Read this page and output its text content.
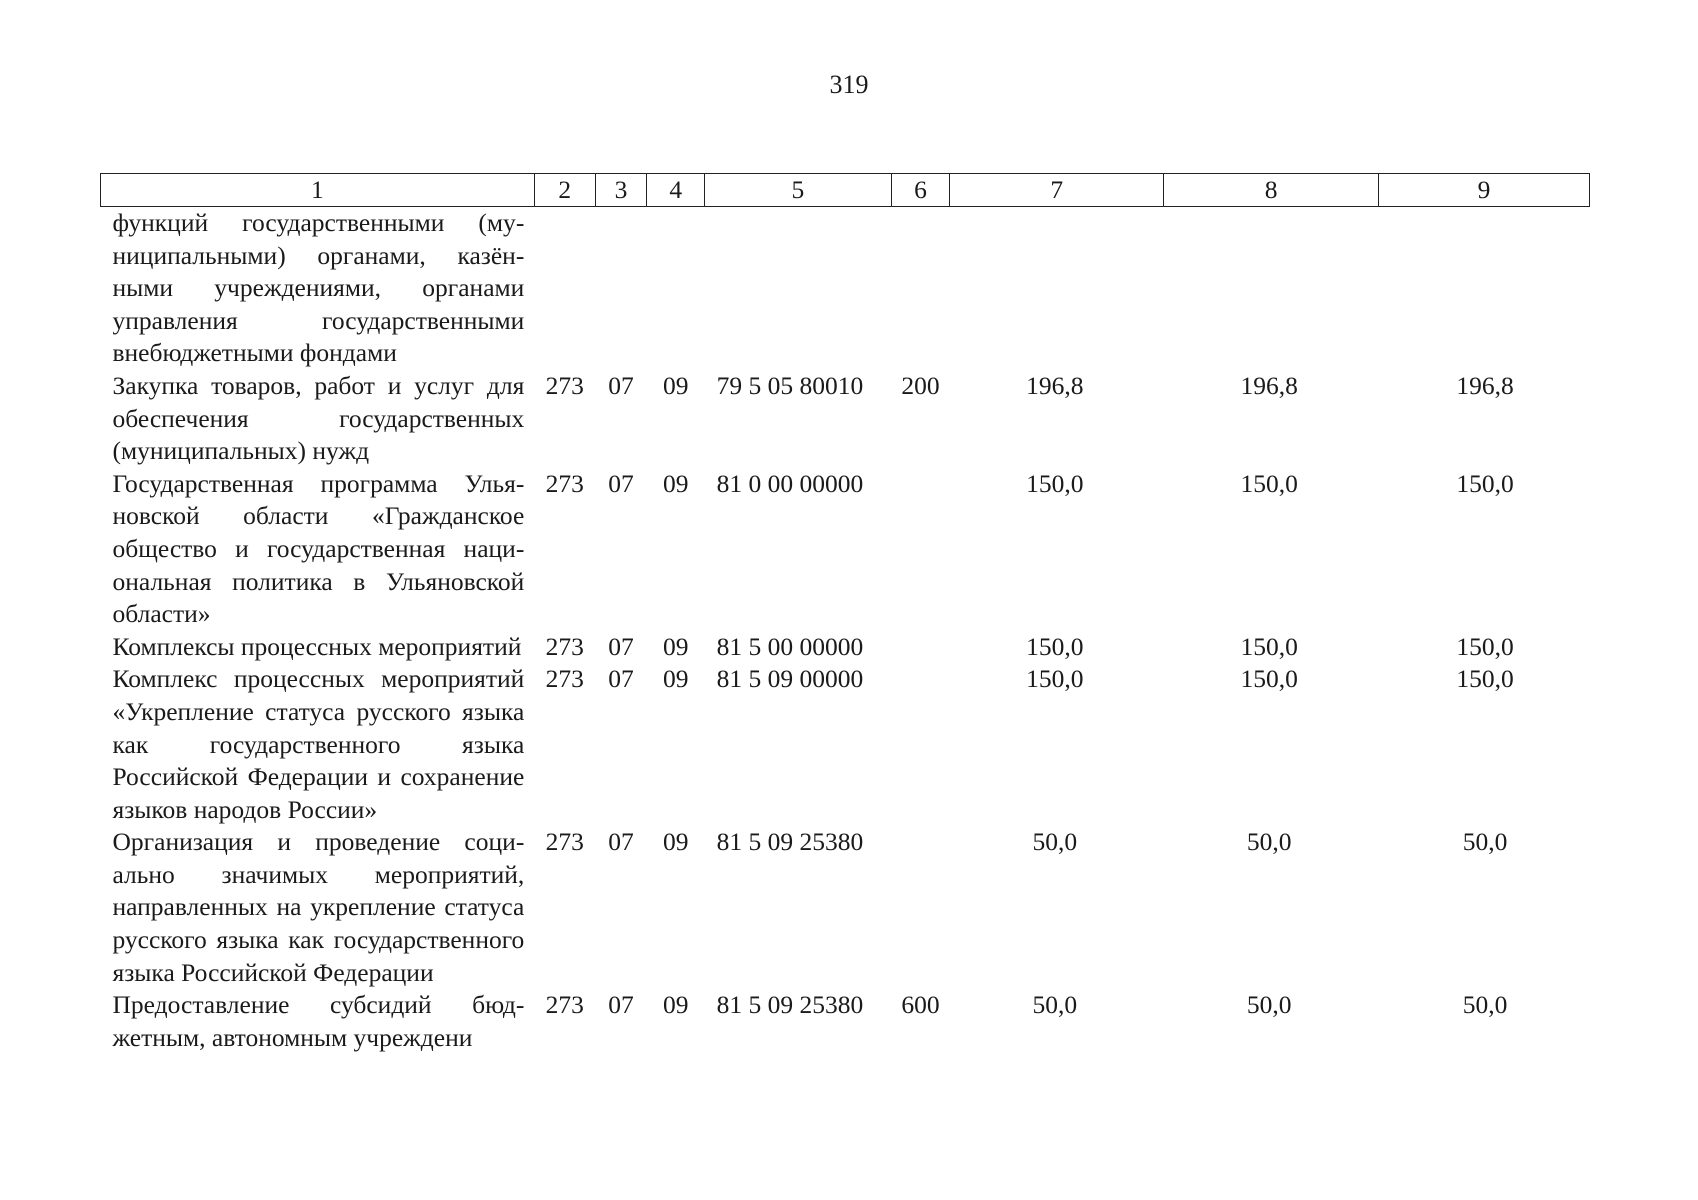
319
1	2	3	4	5	6	7	8	9
функций государственными (муниципальными) органами, казёнными учреждениями, органами управления государственными внебюджетными фондами								
Закупка товаров, работ и услуг для обеспечения государственных (муниципальных) нужд	273	07	09	79 5 05 80010	200	196,8	196,8	196,8
Государственная программа Ульяновской области «Гражданское общество и государственная национальная политика в Ульяновской области»	273	07	09	81 0 00 00000		150,0	150,0	150,0
Комплексы процессных мероприятий	273	07	09	81 5 00 00000		150,0	150,0	150,0
Комплекс процессных мероприятий «Укрепление статуса русского языка как государственного языка Российской Федерации и сохранение языков народов России»	273	07	09	81 5 09 00000		150,0	150,0	150,0
Организация и проведение социально значимых мероприятий, направленных на укрепление статуса русского языка как государственного языка Российской Федерации	273	07	09	81 5 09 25380		50,0	50,0	50,0
Предоставление субсидий бюджетным, автономным учреждени	273	07	09	81 5 09 25380	600	50,0	50,0	50,0
